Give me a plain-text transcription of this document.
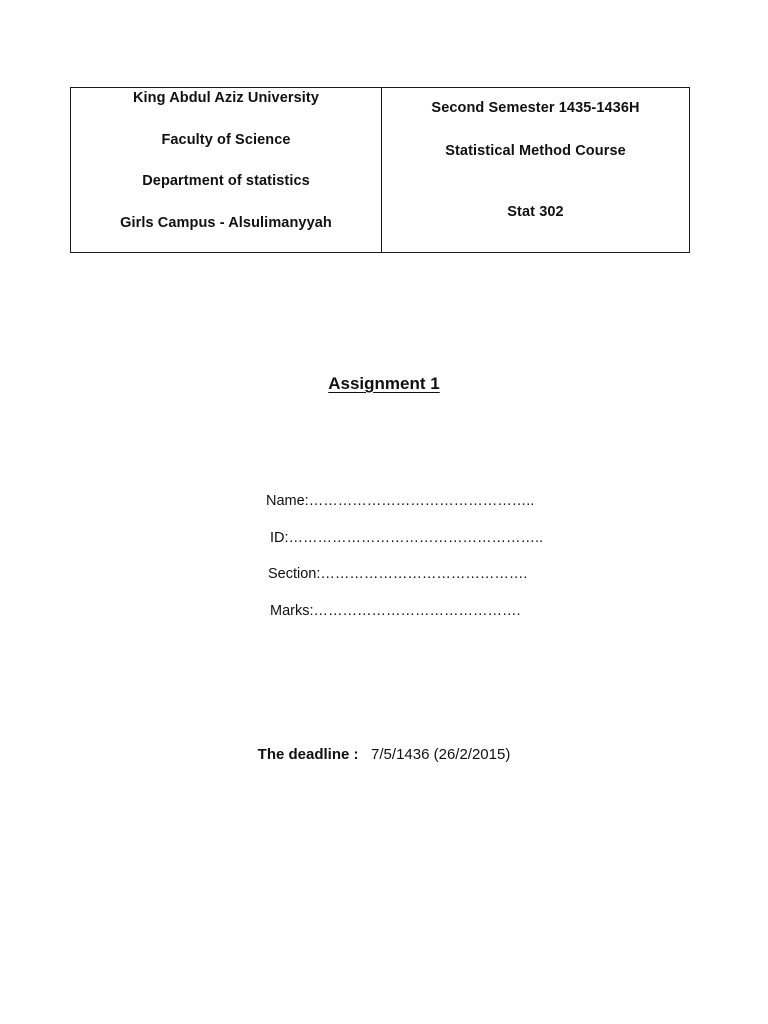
King Abdul Aziz University
Faculty of Science
Department of statistics
Girls Campus - Alsulimanyyah
Second Semester 1435-1436H
Statistical Method Course
Stat 302
Assignment 1
Name:………………………………………..
ID:……………………………………………..
Section:…………………………………….
Marks:…………………………………….
The deadline : 7/5/1436 (26/2/2015)
